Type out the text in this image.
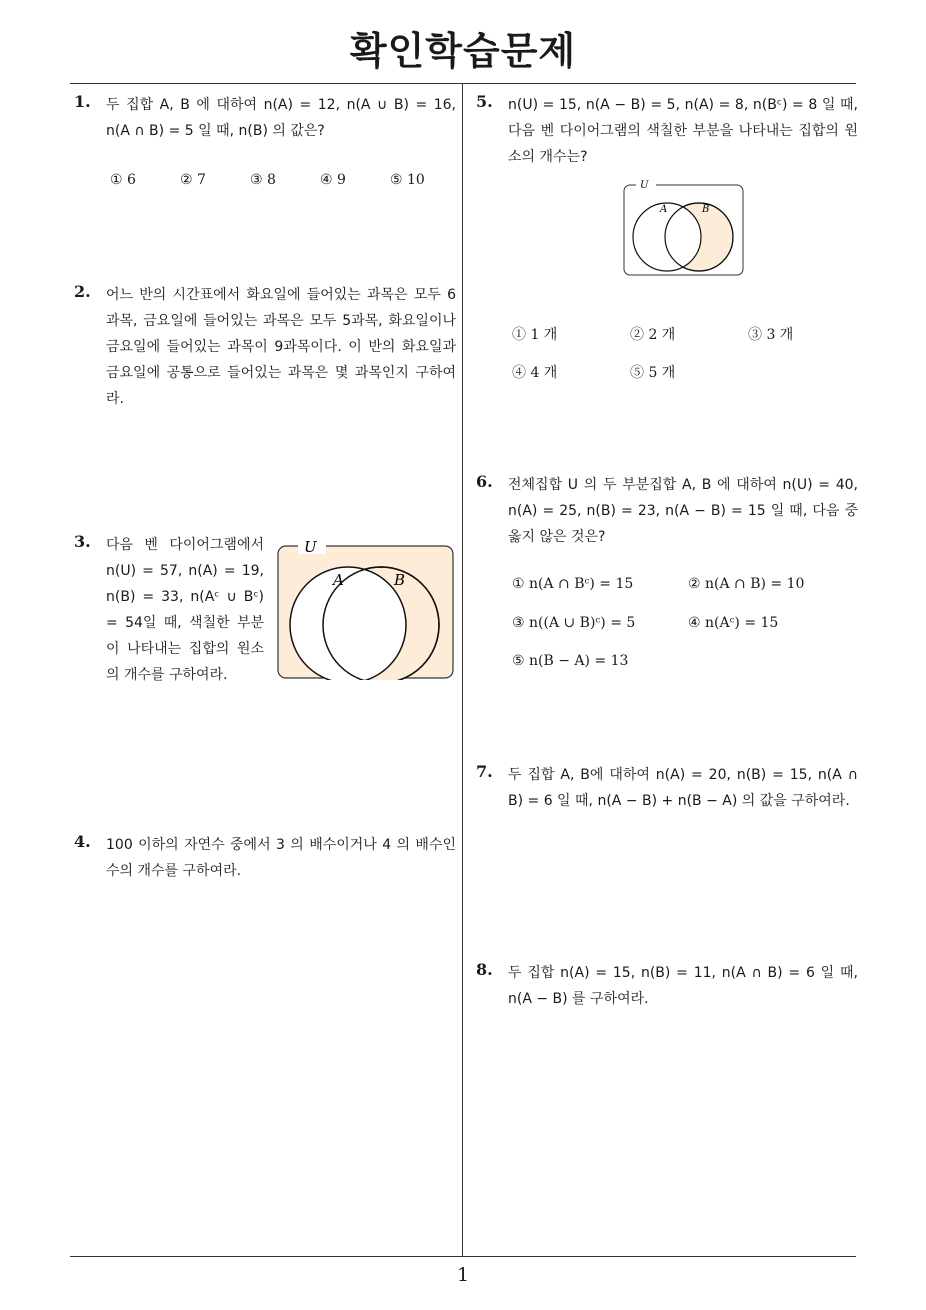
확인학습문제
1
1. 두 집합 A, B 에 대하여 n(A) = 12, n(A ∪ B) = 16, n(A ∩ B) = 5 일 때, n(B) 의 값은?
① 6	② 7	③ 8	④ 9	⑤ 10
2. 어느 반의 시간표에서 화요일에 들어있는 과목은 모두 6과목, 금요일에 들어있는 과목은 모두 5과목, 화요일이나 금요일에 들어있는 과목이 9과목이다. 이 반의 화요일과 금요일에 공통으로 들어있는 과목은 몇 과목인지 구하여라.
3. 다음 벤 다이어그램에서 n(U) = 57, n(A) = 19, n(B) = 33, n(Aᶜ ∪ Bᶜ) = 54일 때, 색칠한 부분이 나타내는 집합의 원소의 개수를 구하여라.
U
A	B
4. 100 이하의 자연수 중에서 3 의 배수이거나 4 의 배수인 수의 개수를 구하여라.
5. n(U) = 15, n(A − B) = 5, n(A) = 8, n(Bᶜ) = 8 일 때, 다음 벤 다이어그램의 색칠한 부분을 나타내는 집합의 원소의 개수는?
U
A	B
① 1 개	② 2 개	③ 3 개
④ 4 개	⑤ 5 개
6. 전체집합 U 의 두 부분집합 A, B 에 대하여 n(U) = 40, n(A) = 25, n(B) = 23, n(A − B) = 15 일 때, 다음 중 옳지 않은 것은?
① n(A ∩ Bᶜ) = 15	② n(A ∩ B) = 10
③ n((A ∪ B)ᶜ) = 5	④ n(Aᶜ) = 15
⑤ n(B − A) = 13
7. 두 집합 A, B에 대하여 n(A) = 20, n(B) = 15, n(A ∩ B) = 6 일 때, n(A − B) + n(B − A) 의 값을 구하여라.
8. 두 집합 n(A) = 15, n(B) = 11, n(A ∩ B) = 6 일 때, n(A − B) 를 구하여라.
